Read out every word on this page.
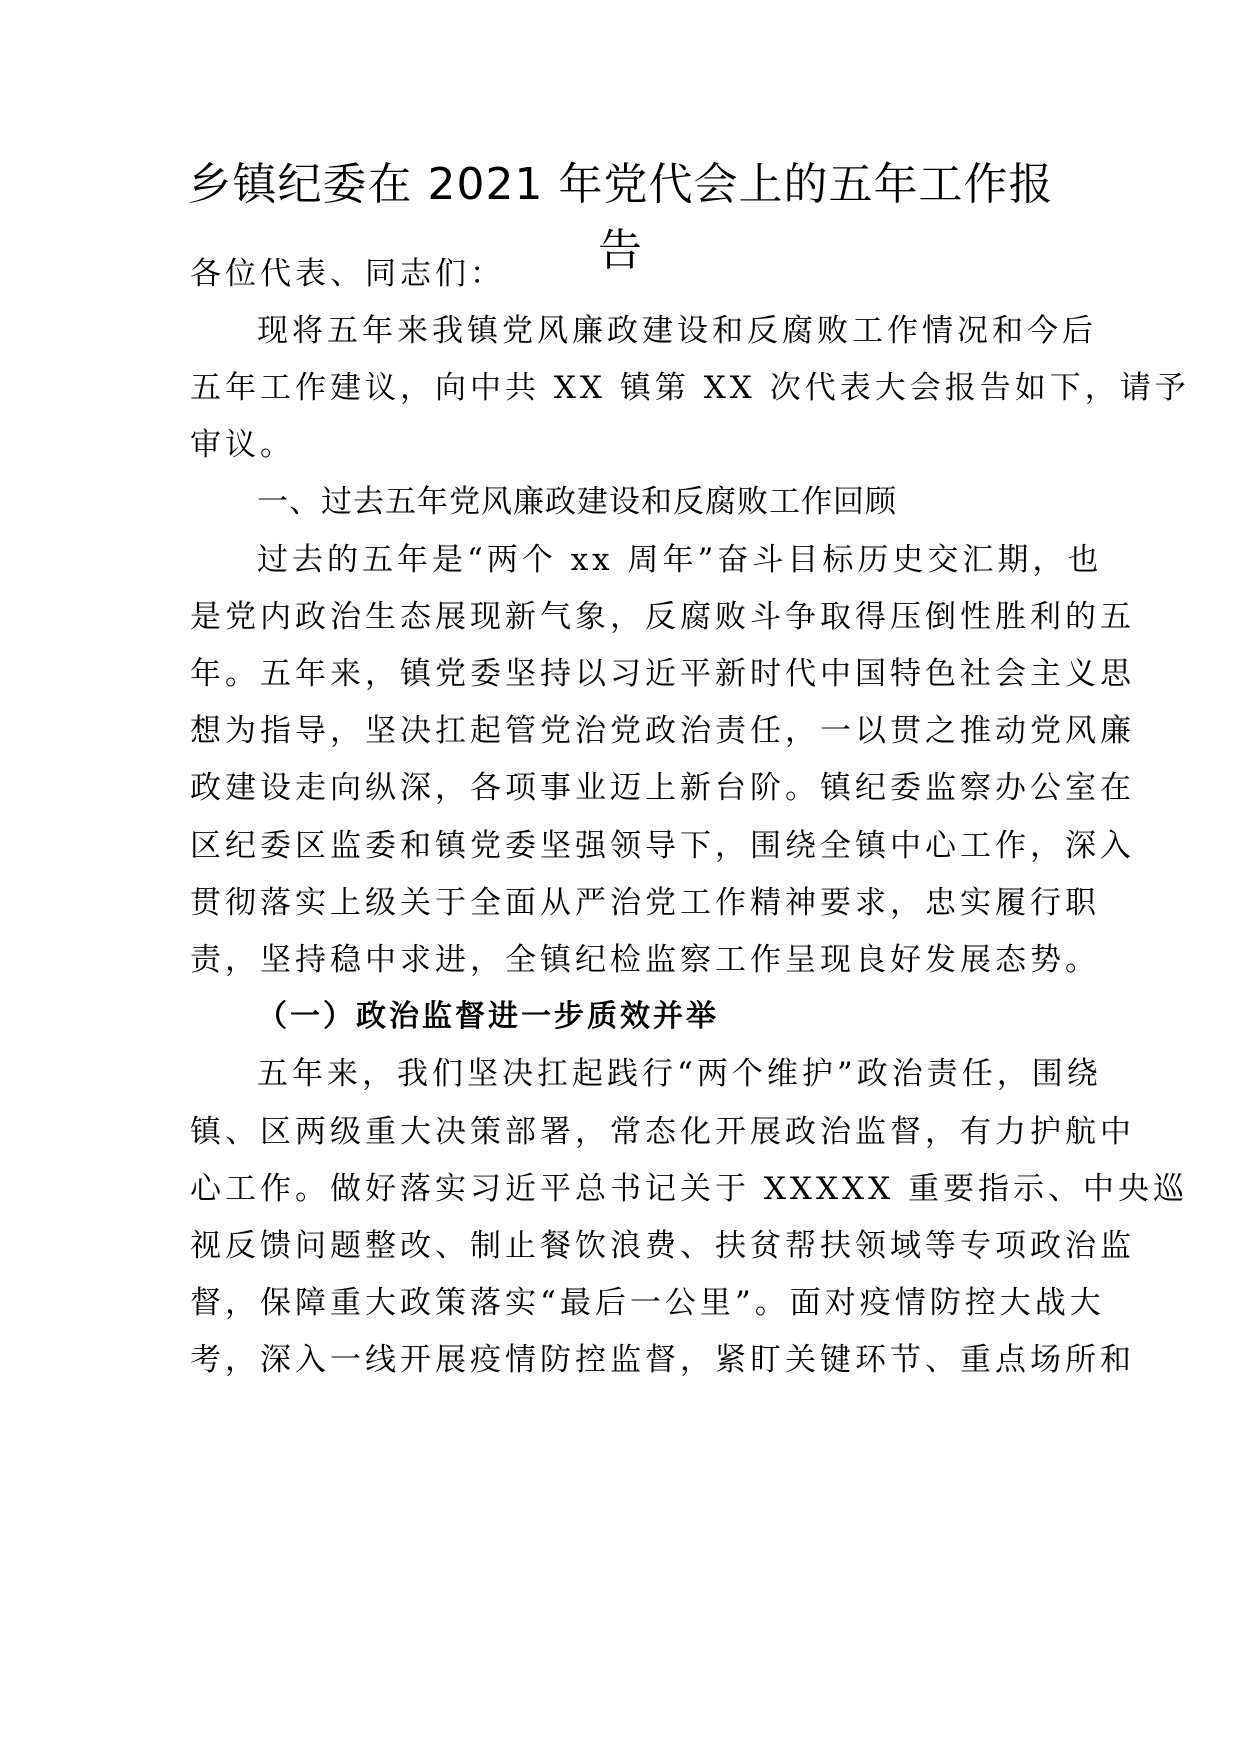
乡镇纪委在 2021 年党代会上的五年工作报
告
各位代表、同志们：
现将五年来我镇党风廉政建设和反腐败工作情况和今后
五年工作建议，向中共 XX 镇第 XX 次代表大会报告如下，请予
审议。
一、过去五年党风廉政建设和反腐败工作回顾
过去的五年是“两个 xx 周年”奋斗目标历史交汇期，也
是党内政治生态展现新气象，反腐败斗争取得压倒性胜利的五
年。五年来，镇党委坚持以习近平新时代中国特色社会主义思
想为指导，坚决扛起管党治党政治责任，一以贯之推动党风廉
政建设走向纵深，各项事业迈上新台阶。镇纪委监察办公室在
区纪委区监委和镇党委坚强领导下，围绕全镇中心工作，深入
贯彻落实上级关于全面从严治党工作精神要求，忠实履行职
责，坚持稳中求进，全镇纪检监察工作呈现良好发展态势。
（一）政治监督进一步质效并举
五年来，我们坚决扛起践行“两个维护”政治责任，围绕
镇、区两级重大决策部署，常态化开展政治监督，有力护航中
心工作。做好落实习近平总书记关于 XXXXX 重要指示、中央巡
视反馈问题整改、制止餐饮浪费、扶贫帮扶领域等专项政治监
督，保障重大政策落实“最后一公里”。面对疫情防控大战大
考，深入一线开展疫情防控监督，紧盯关键环节、重点场所和
